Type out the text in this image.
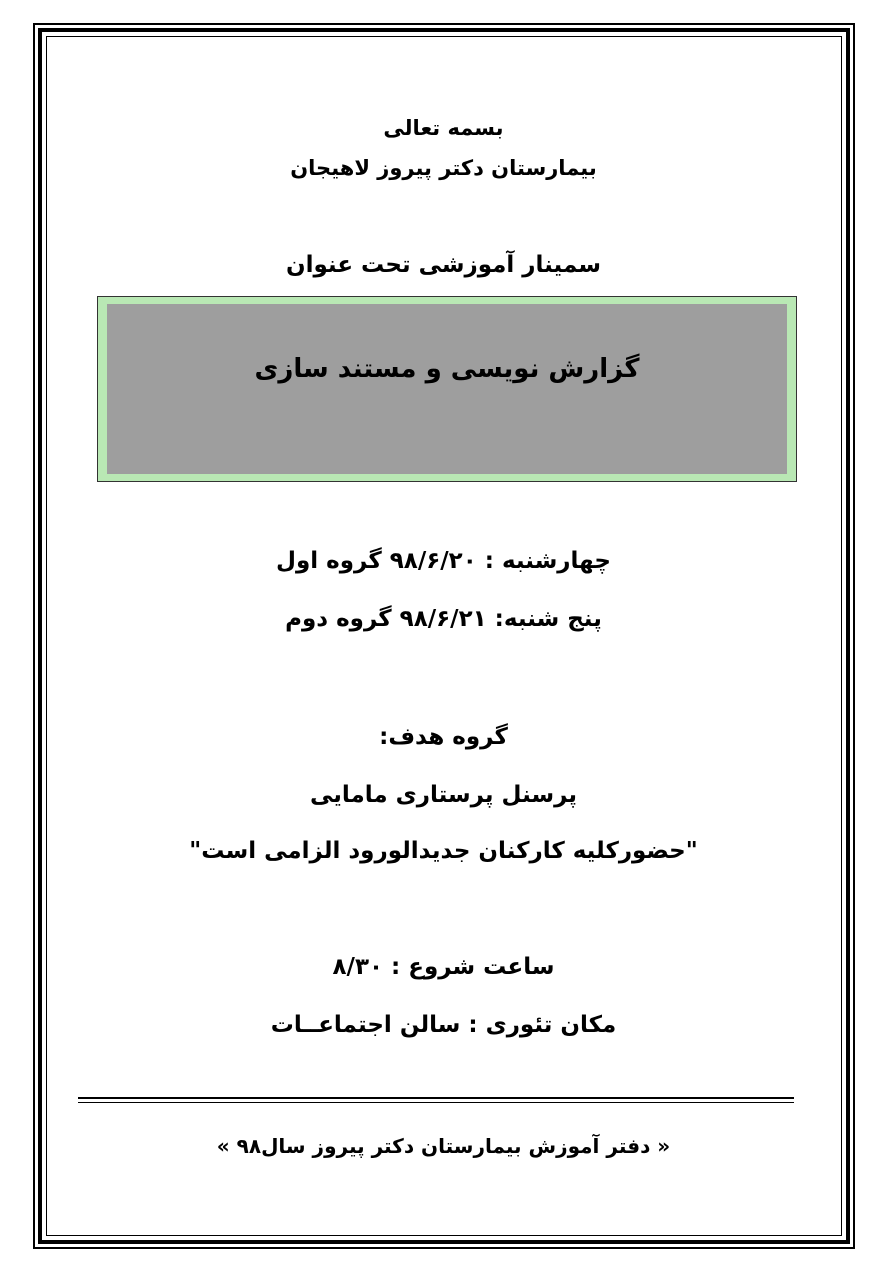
بسمه تعالی
بیمارستان دکتر پیروز لاهیجان
سمینار آموزشی تحت عنوان
گزارش نویسی و مستند سازی
چهارشنبه : ۹۸/۶/۲۰ گروه اول
پنج شنبه: ۹۸/۶/۲۱ گروه دوم
گروه هدف:
پرسنل پرستاری مامایی
"حضورکلیه کارکنان جدیدالورود الزامی است"
ساعت شروع : ۸/۳۰
مکان تئوری : سالن اجتماعــات
« دفتر آموزش بیمارستان دکتر پیروز سال۹۸ »
